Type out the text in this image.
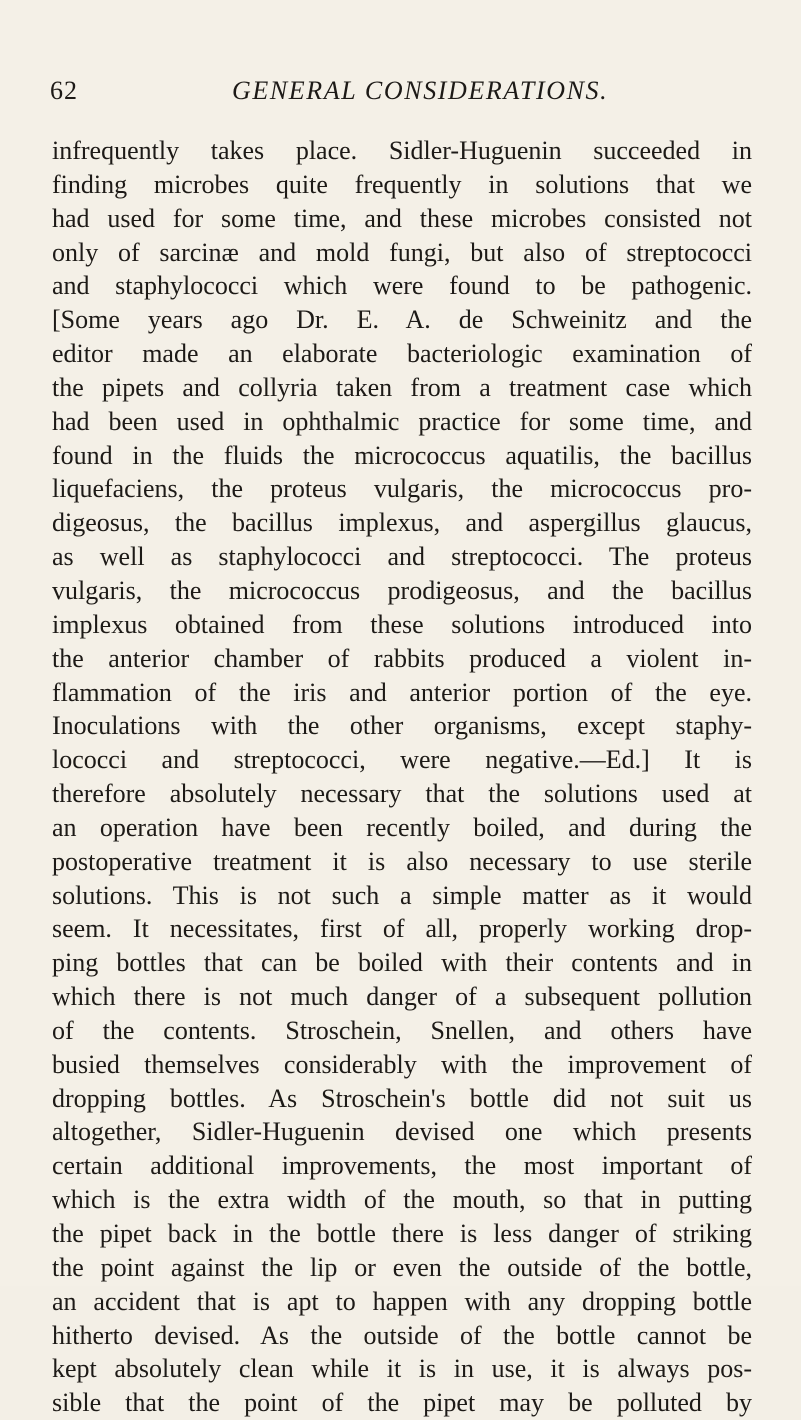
62	GENERAL CONSIDERATIONS.
infrequently takes place. Sidler-Huguenin succeeded in
finding microbes quite frequently in solutions that we
had used for some time, and these microbes consisted not
only of sarcinæ and mold fungi, but also of streptococci
and staphylococci which were found to be pathogenic.
[Some years ago Dr. E. A. de Schweinitz and the
editor made an elaborate bacteriologic examination of
the pipets and collyria taken from a treatment case which
had been used in ophthalmic practice for some time, and
found in the fluids the micrococcus aquatilis, the bacillus
liquefaciens, the proteus vulgaris, the micrococcus pro-
digeosus, the bacillus implexus, and aspergillus glaucus,
as well as staphylococci and streptococci. The proteus
vulgaris, the micrococcus prodigeosus, and the bacillus
implexus obtained from these solutions introduced into
the anterior chamber of rabbits produced a violent in-
flammation of the iris and anterior portion of the eye.
Inoculations with the other organisms, except staphy-
lococci and streptococci, were negative.—Ed.] It is
therefore absolutely necessary that the solutions used at
an operation have been recently boiled, and during the
postoperative treatment it is also necessary to use sterile
solutions. This is not such a simple matter as it would
seem. It necessitates, first of all, properly working drop-
ping bottles that can be boiled with their contents and in
which there is not much danger of a subsequent pollution
of the contents. Stroschein, Snellen, and others have
busied themselves considerably with the improvement of
dropping bottles. As Stroschein's bottle did not suit us
altogether, Sidler-Huguenin devised one which presents
certain additional improvements, the most important of
which is the extra width of the mouth, so that in putting
the pipet back in the bottle there is less danger of striking
the point against the lip or even the outside of the bottle,
an accident that is apt to happen with any dropping bottle
hitherto devised. As the outside of the bottle cannot be
kept absolutely clean while it is in use, it is always pos-
sible that the point of the pipet may be polluted by
